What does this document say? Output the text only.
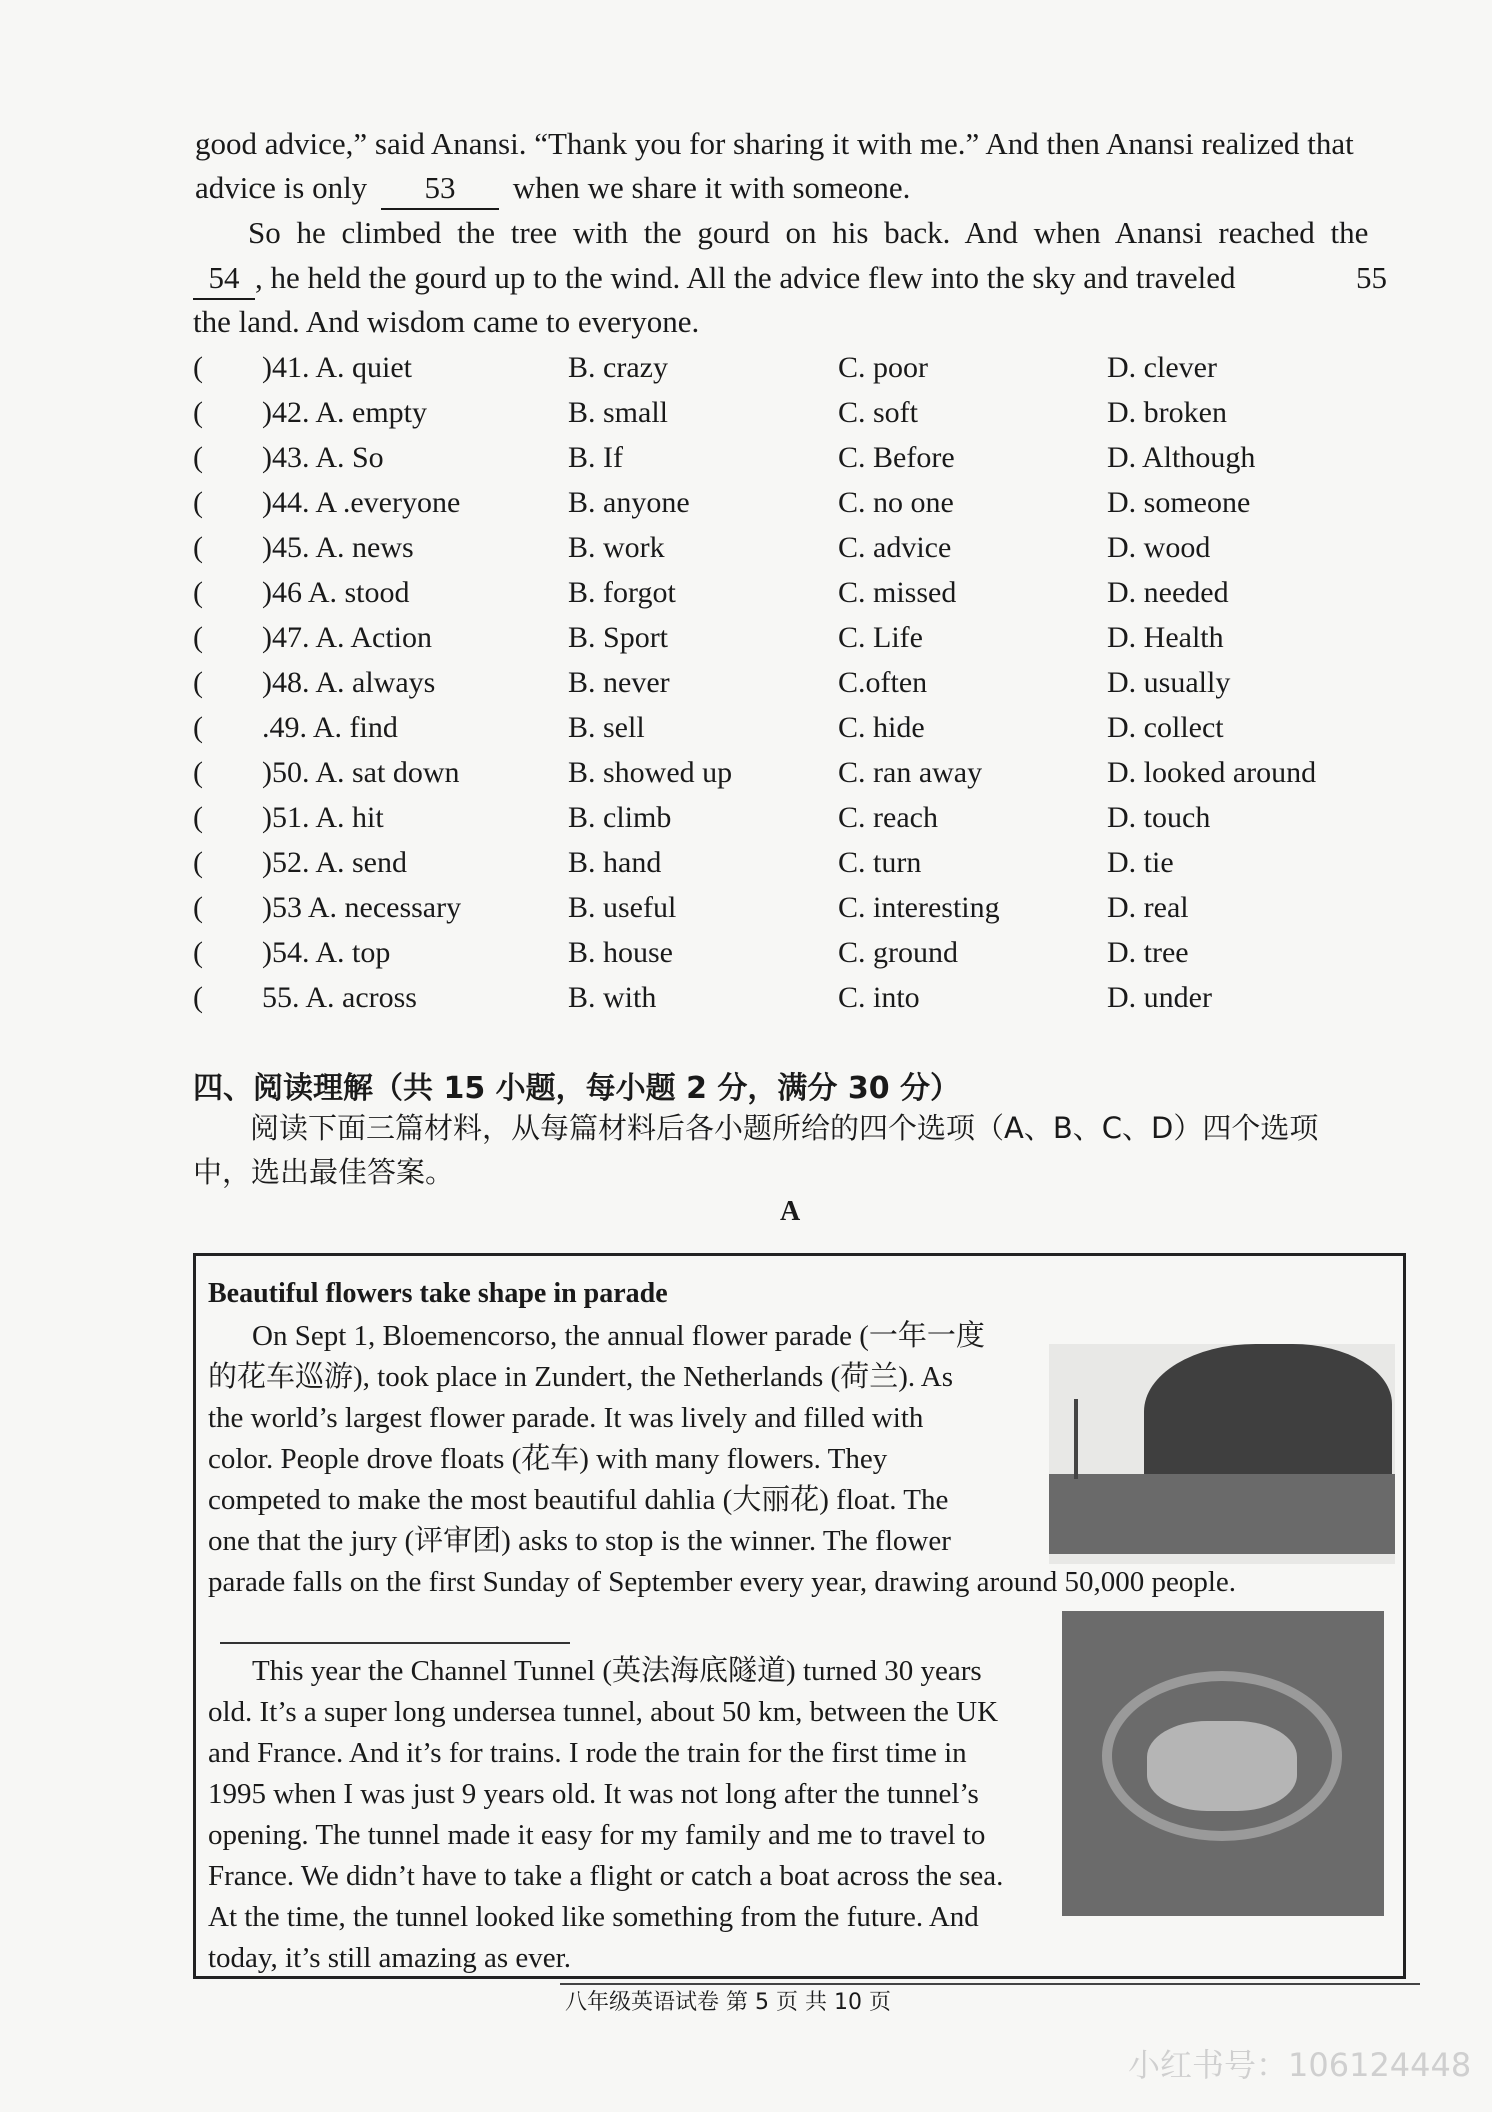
good advice,” said Anansi. “Thank you for sharing it with me.” And then Anansi realized that
advice is only 53 when we share it with someone.
So he climbed the tree with the gourd on his back. And when Anansi reached the
54 , he held the gourd up to the wind. All the advice flew into the sky and traveled	55
the land. And wisdom came to everyone.
( )41. A. quiet	B. crazy	C. poor	D. clever
( )42. A. empty	B. small	C. soft	D. broken
( )43. A. So	B. If	C. Before	D. Although
( )44. A .everyone	B. anyone	C. no one	D. someone
( )45. A. news	B. work	C. advice	D. wood
( )46 A. stood	B. forgot	C. missed	D. needed
( )47. A. Action	B. Sport	C. Life	D. Health
( )48. A. always	B. never	C.often	D. usually
( .49. A. find	B. sell	C. hide	D. collect
( )50. A. sat down	B. showed up	C. ran away	D. looked around
( )51. A. hit	B. climb	C. reach	D. touch
( )52. A. send	B. hand	C. turn	D. tie
( )53 A. necessary	B. useful	C. interesting	D. real
( )54. A. top	B. house	C. ground	D. tree
( 55. A. across	B. with	C. into	D. under
四、阅读理解（共 15 小题，每小题 2 分，满分 30 分）
阅读下面三篇材料，从每篇材料后各小题所给的四个选项（A、B、C、D）四个选项
中，选出最佳答案。
A
Beautiful flowers take shape in parade
On Sept 1, Bloemencorso, the annual flower parade (一年一度
的花车巡游), took place in Zundert, the Netherlands (荷兰). As
the world’s largest flower parade. It was lively and filled with
color. People drove floats (花车) with many flowers. They
competed to make the most beautiful dahlia (大丽花) float. The
one that the jury (评审团) asks to stop is the winner. The flower
parade falls on the first Sunday of September every year, drawing around 50,000 people.
This year the Channel Tunnel (英法海底隧道) turned 30 years
old. It’s a super long undersea tunnel, about 50 km, between the UK
and France. And it’s for trains. I rode the train for the first time in
1995 when I was just 9 years old. It was not long after the tunnel’s
opening. The tunnel made it easy for my family and me to travel to
France. We didn’t have to take a flight or catch a boat across the sea.
At the time, the tunnel looked like something from the future. And
today, it’s still amazing as ever.
八年级英语试卷 第 5 页 共 10 页
小红书号：106124448
